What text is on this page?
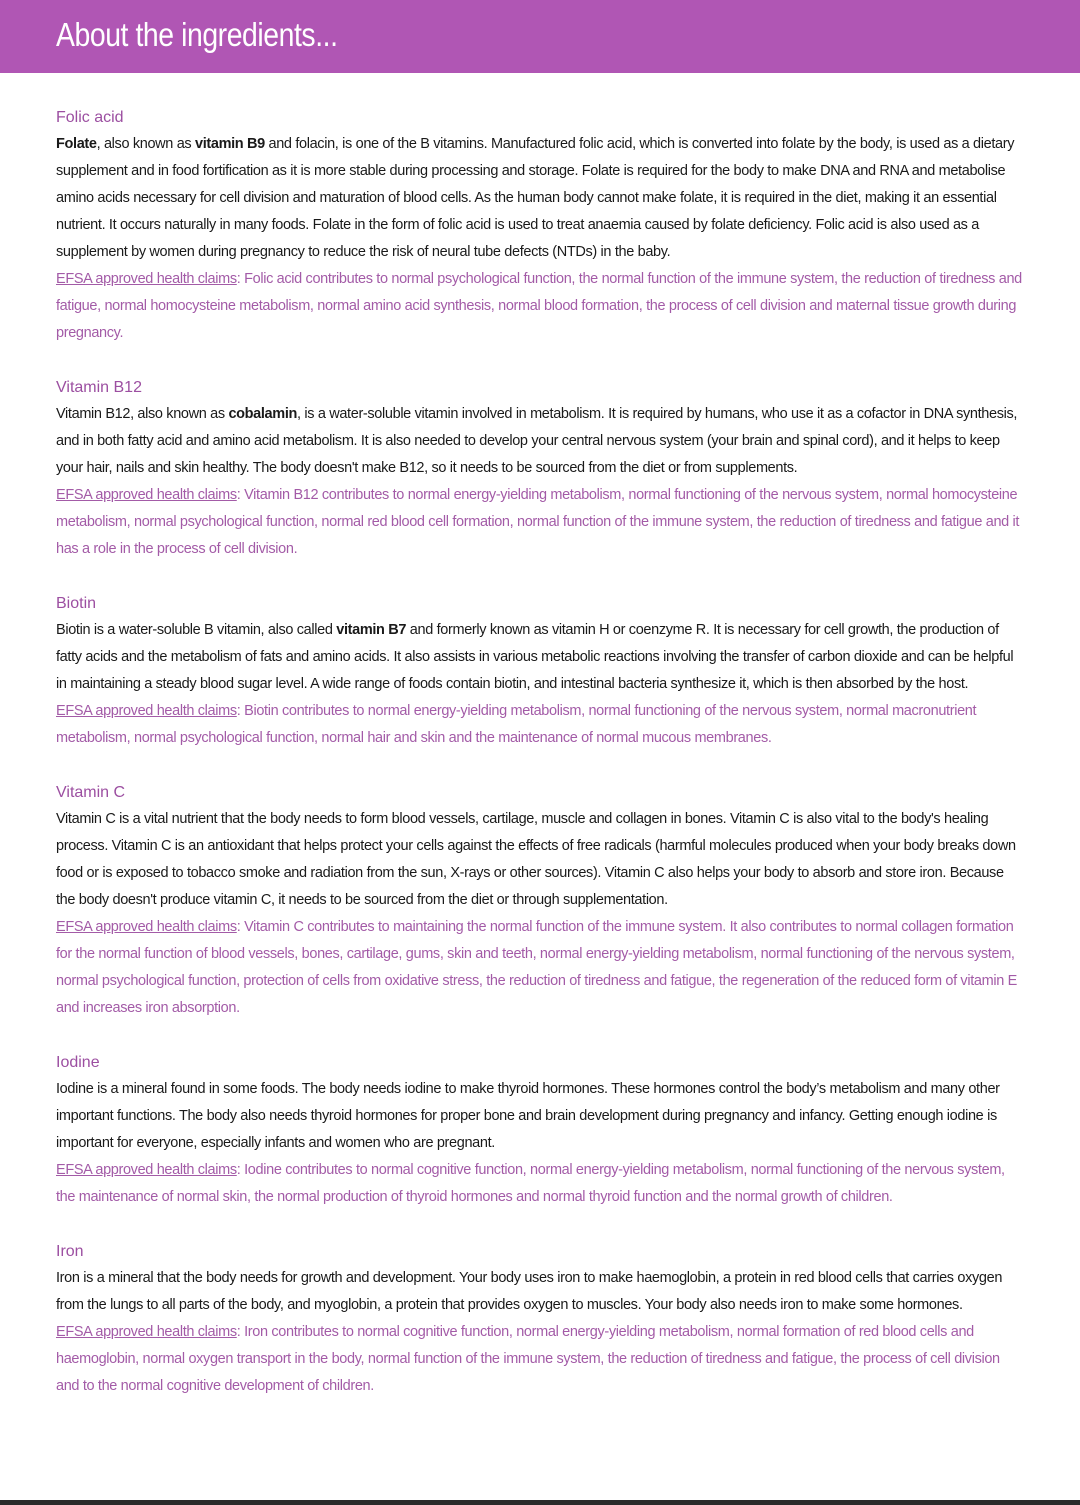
About the ingredients...
Folic acid

Folate, also known as vitamin B9 and folacin, is one of the B vitamins. Manufactured folic acid, which is converted into folate by the body, is used as a dietary supplement and in food fortification as it is more stable during processing and storage. Folate is required for the body to make DNA and RNA and metabolise amino acids necessary for cell division and maturation of blood cells. As the human body cannot make folate, it is required in the diet, making it an essential nutrient. It occurs naturally in many foods. Folate in the form of folic acid is used to treat anaemia caused by folate deficiency. Folic acid is also used as a supplement by women during pregnancy to reduce the risk of neural tube defects (NTDs) in the baby.

EFSA approved health claims: Folic acid contributes to normal psychological function, the normal function of the immune system, the reduction of tiredness and fatigue, normal homocysteine metabolism, normal amino acid synthesis, normal blood formation, the process of cell division and maternal tissue growth during pregnancy.

Vitamin B12

Vitamin B12, also known as cobalamin, is a water-soluble vitamin involved in metabolism. It is required by humans, who use it as a cofactor in DNA synthesis, and in both fatty acid and amino acid metabolism. It is also needed to develop your central nervous system (your brain and spinal cord), and it helps to keep your hair, nails and skin healthy. The body doesn't make B12, so it needs to be sourced from the diet or from supplements.

EFSA approved health claims: Vitamin B12 contributes to normal energy-yielding metabolism, normal functioning of the nervous system, normal homocysteine metabolism, normal psychological function, normal red blood cell formation, normal function of the immune system, the reduction of tiredness and fatigue and it has a role in the process of cell division.

Biotin

Biotin is a water-soluble B vitamin, also called vitamin B7 and formerly known as vitamin H or coenzyme R. It is necessary for cell growth, the production of fatty acids and the metabolism of fats and amino acids. It also assists in various metabolic reactions involving the transfer of carbon dioxide and can be helpful in maintaining a steady blood sugar level. A wide range of foods contain biotin, and intestinal bacteria synthesize it, which is then absorbed by the host.

EFSA approved health claims: Biotin contributes to normal energy-yielding metabolism, normal functioning of the nervous system, normal macronutrient metabolism, normal psychological function, normal hair and skin and the maintenance of normal mucous membranes.

Vitamin C

Vitamin C is a vital nutrient that the body needs to form blood vessels, cartilage, muscle and collagen in bones. Vitamin C is also vital to the body's healing process. Vitamin C is an antioxidant that helps protect your cells against the effects of free radicals (harmful molecules produced when your body breaks down food or is exposed to tobacco smoke and radiation from the sun, X-rays or other sources). Vitamin C also helps your body to absorb and store iron. Because the body doesn't produce vitamin C, it needs to be sourced from the diet or through supplementation.

EFSA approved health claims: Vitamin C contributes to maintaining the normal function of the immune system. It also contributes to normal collagen formation for the normal function of blood vessels, bones, cartilage, gums, skin and teeth, normal energy-yielding metabolism, normal functioning of the nervous system, normal psychological function, protection of cells from oxidative stress, the reduction of tiredness and fatigue, the regeneration of the reduced form of vitamin E and increases iron absorption.

Iodine

Iodine is a mineral found in some foods. The body needs iodine to make thyroid hormones. These hormones control the body’s metabolism and many other important functions. The body also needs thyroid hormones for proper bone and brain development during pregnancy and infancy. Getting enough iodine is important for everyone, especially infants and women who are pregnant.

EFSA approved health claims: Iodine contributes to normal cognitive function, normal energy-yielding metabolism, normal functioning of the nervous system, the maintenance of normal skin, the normal production of thyroid hormones and normal thyroid function and the normal growth of children.

Iron

Iron is a mineral that the body needs for growth and development. Your body uses iron to make haemoglobin, a protein in red blood cells that carries oxygen from the lungs to all parts of the body, and myoglobin, a protein that provides oxygen to muscles. Your body also needs iron to make some hormones.

EFSA approved health claims: Iron contributes to normal cognitive function, normal energy-yielding metabolism, normal formation of red blood cells and haemoglobin, normal oxygen transport in the body, normal function of the immune system, the reduction of tiredness and fatigue, the process of cell division and to the normal cognitive development of children.
